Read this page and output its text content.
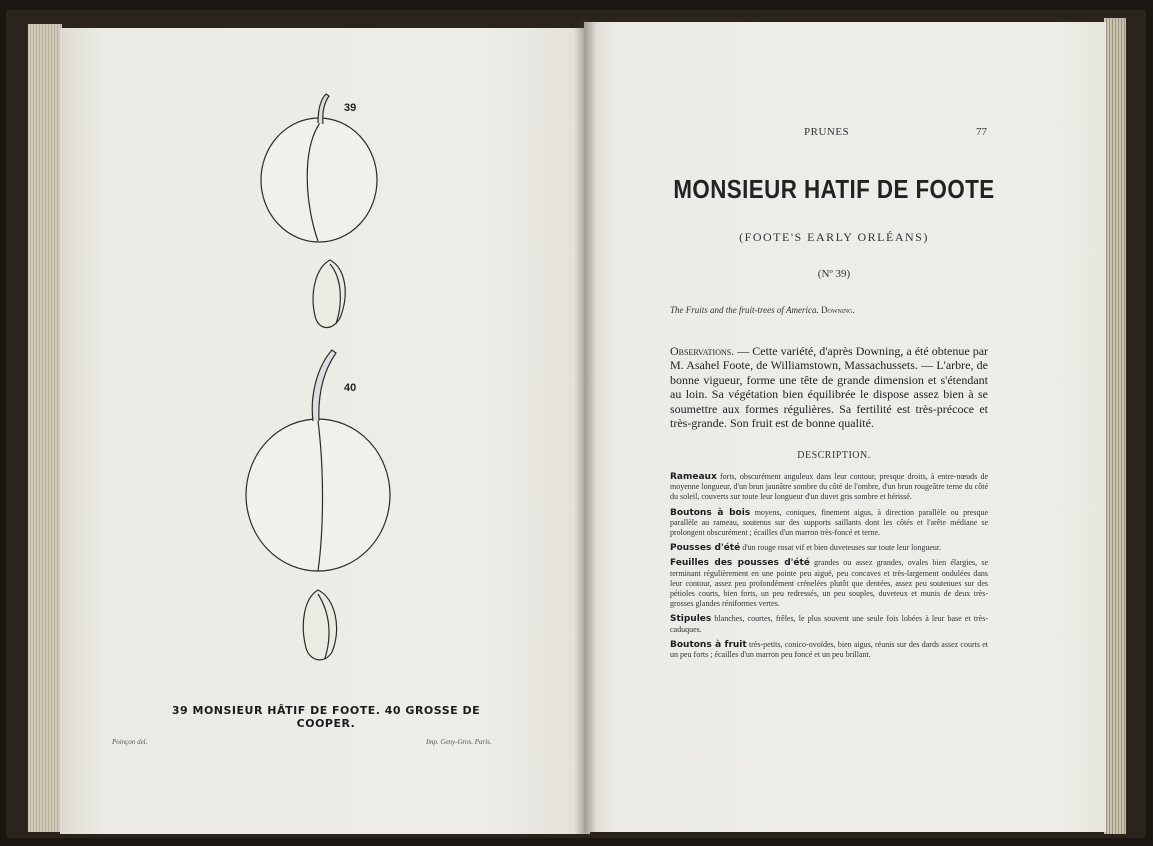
39
40
39 MONSIEUR HÂTIF DE FOOTE. 40 GROSSE DE COOPER.
Poinçon del.	Imp. Geny-Gros. Paris.
PRUNES	77
MONSIEUR HATIF DE FOOTE
(FOOTE'S EARLY ORLÉANS)
(Nº 39)
The Fruits and the fruit-trees of America. Downing.
Observations. — Cette variété, d'après Downing, a été obtenue par M. Asahel Foote, de Williamstown, Massachussets. — L'arbre, de bonne vigueur, forme une tête de grande dimension et s'étendant au loin. Sa végétation bien équilibrée le dispose assez bien à se soumettre aux formes régulières. Sa fertilité est très-précoce et très-grande. Son fruit est de bonne qualité.
DESCRIPTION.

Rameaux forts, obscurément anguleux dans leur contour, presque droits, à entre-nœuds de moyenne longueur, d'un brun jaunâtre sombre du côté de l'ombre, d'un brun rougeâtre terne du côté du soleil, couverts sur toute leur longueur d'un duvet gris sombre et hérissé.

Boutons à bois moyens, coniques, finement aigus, à direction parallèle ou presque parallèle au rameau, soutenus sur des supports saillants dont les côtés et l'arête médiane se prolongent obscurément ; écailles d'un marron très-foncé et terne.

Pousses d'été d'un rouge rosat vif et bien duveteuses sur toute leur longueur.

Feuilles des pousses d'été grandes ou assez grandes, ovales bien élargies, se terminant régulièrement en une pointe peu aiguë, peu concaves et très-largement ondulées dans leur contour, assez peu profondément crénelées plutôt que dentées, assez peu soutenues sur des pétioles courts, bien forts, un peu redressés, un peu souples, duveteux et munis de deux très-grosses glandes réniformes vertes.

Stipules blanches, courtes, frêles, le plus souvent une seule fois lobées à leur base et très-caduques.

Boutons à fruit très-petits, conico-ovoïdes, bien aigus, réunis sur des dards assez courts et un peu forts ; écailles d'un marron peu foncé et un peu brillant.
